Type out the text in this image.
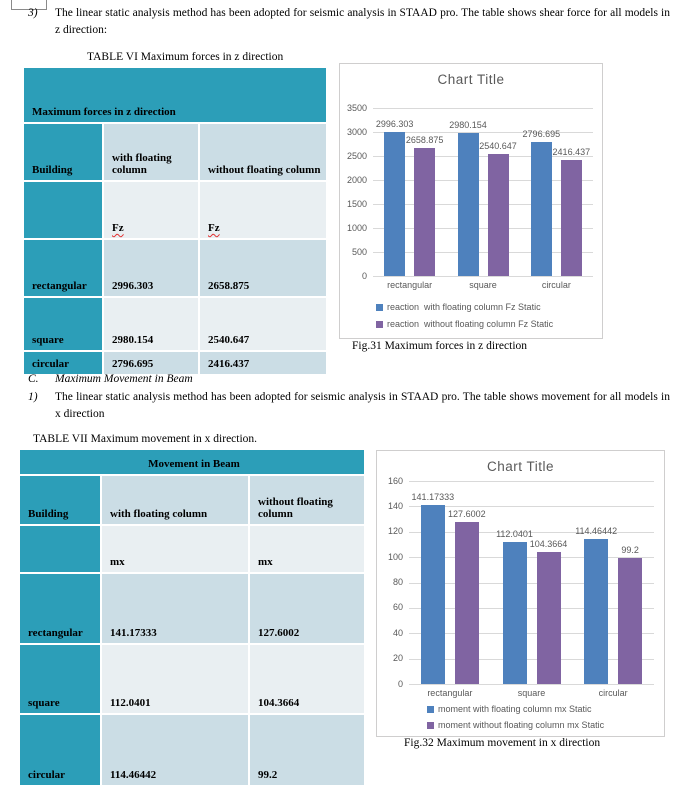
3)	The linear static analysis method has been adopted for seismic analysis in STAAD pro. The table shows shear force for all models in z direction:
TABLE VI Maximum forces in z direction
Maximum forces in z direction		
Building	with floating column	without floating column
	Fz	Fz
rectangular	2996.303	2658.875
square	2980.154	2540.647
circular	2796.695	2416.437
Chart Title
0
500
1000
1500
2000
2500
3000
3500
2996.303
2658.875
rectangular
2980.154
2540.647
square
2796.695
2416.437
circular
reaction  with floating column Fz Static
reaction  without floating column Fz Static
Fig.31 Maximum forces in z direction
C.	Maximum Movement in Beam
1)	The linear static analysis method has been adopted for seismic analysis in STAAD pro. The table shows movement for all models in x direction
TABLE VII Maximum movement in x direction.
Movement in Beam		
Building	with floating column	without floating column
	mx	mx
rectangular	141.17333	127.6002
square	112.0401	104.3664
circular	114.46442	99.2
Chart Title
0
20
40
60
80
100
120
140
160
141.17333
127.6002
rectangular
112.0401
104.3664
square
114.46442
99.2
circular
moment with floating column mx Static
moment without floating column mx Static
Fig.32 Maximum movement in x direction
